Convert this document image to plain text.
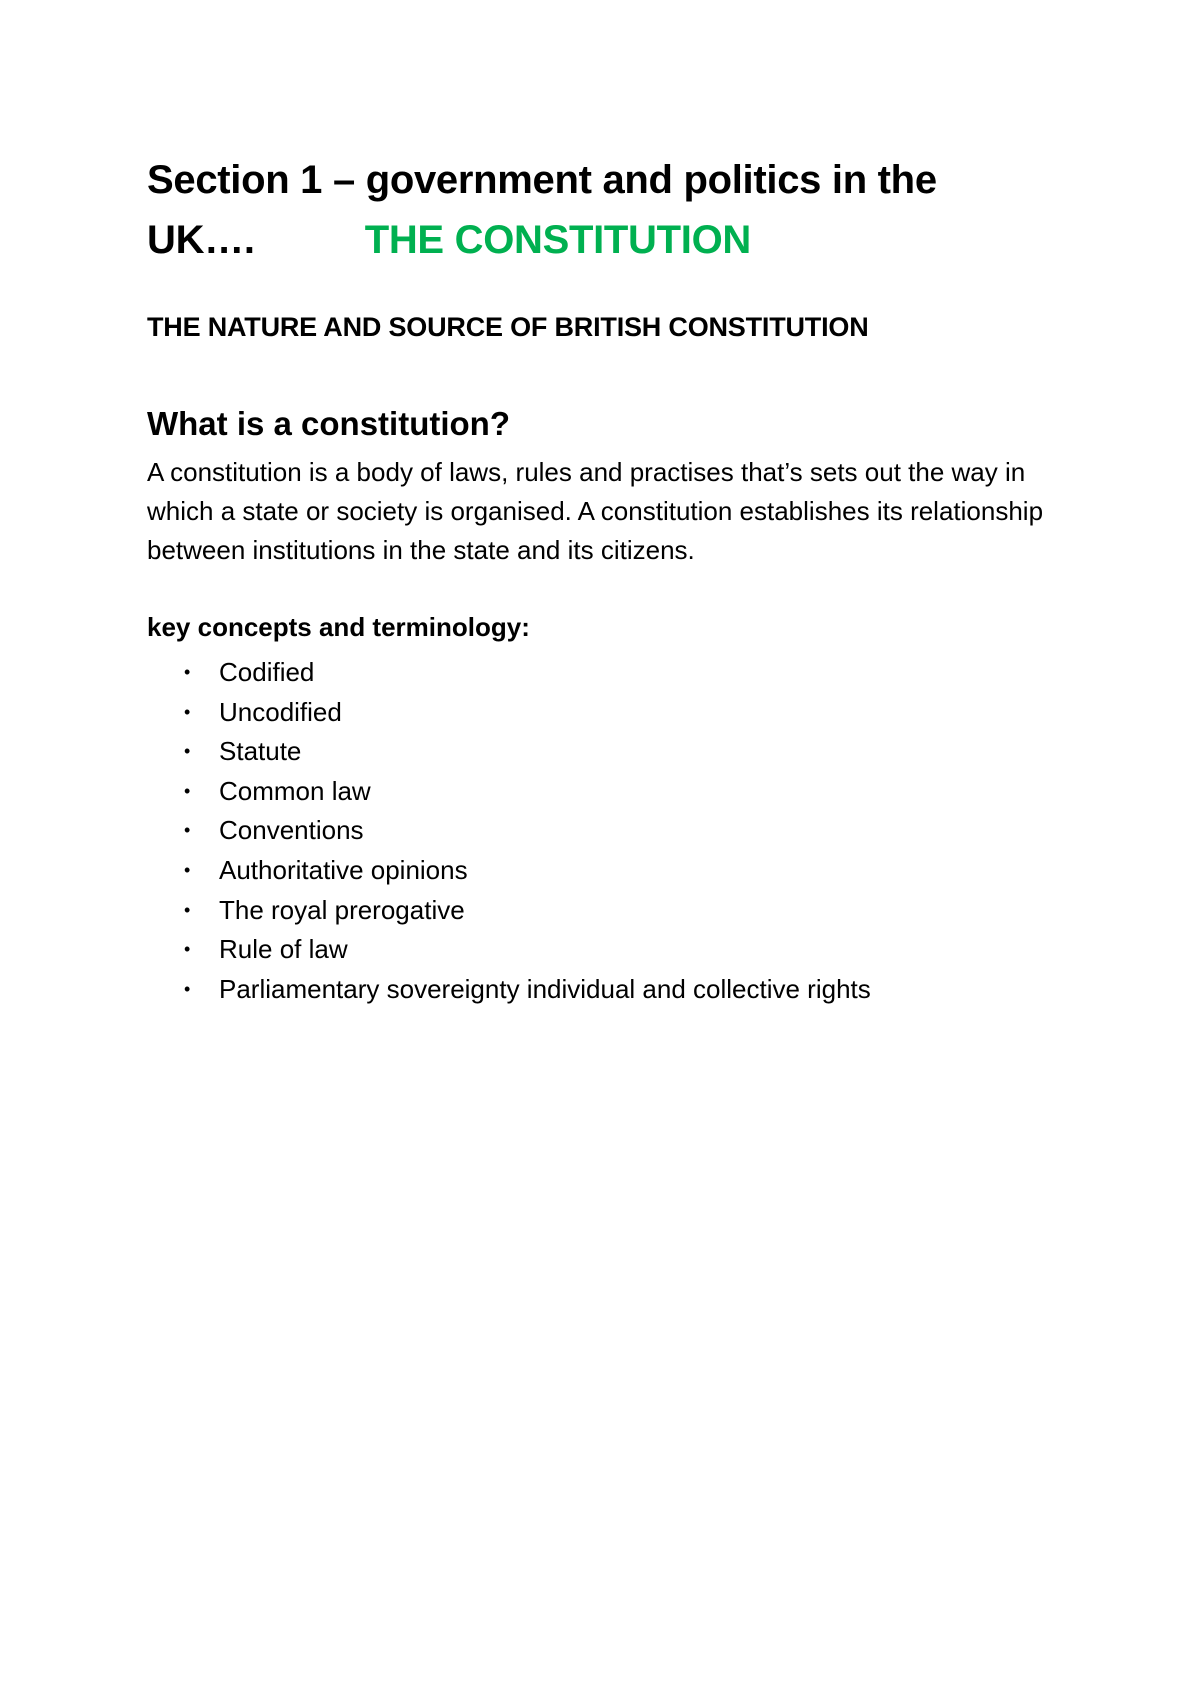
Section 1 – government and politics in the
UK….	THE CONSTITUTION
THE NATURE AND SOURCE OF BRITISH CONSTITUTION
What is a constitution?

A constitution is a body of laws, rules and practises that’s sets out the way in which a state or society is organised. A constitution establishes its relationship between institutions in the state and its citizens.

key concepts and terminology:

• Codified
• Uncodified
• Statute
• Common law
• Conventions
• Authoritative opinions
• The royal prerogative
• Rule of law
• Parliamentary sovereignty individual and collective rights
